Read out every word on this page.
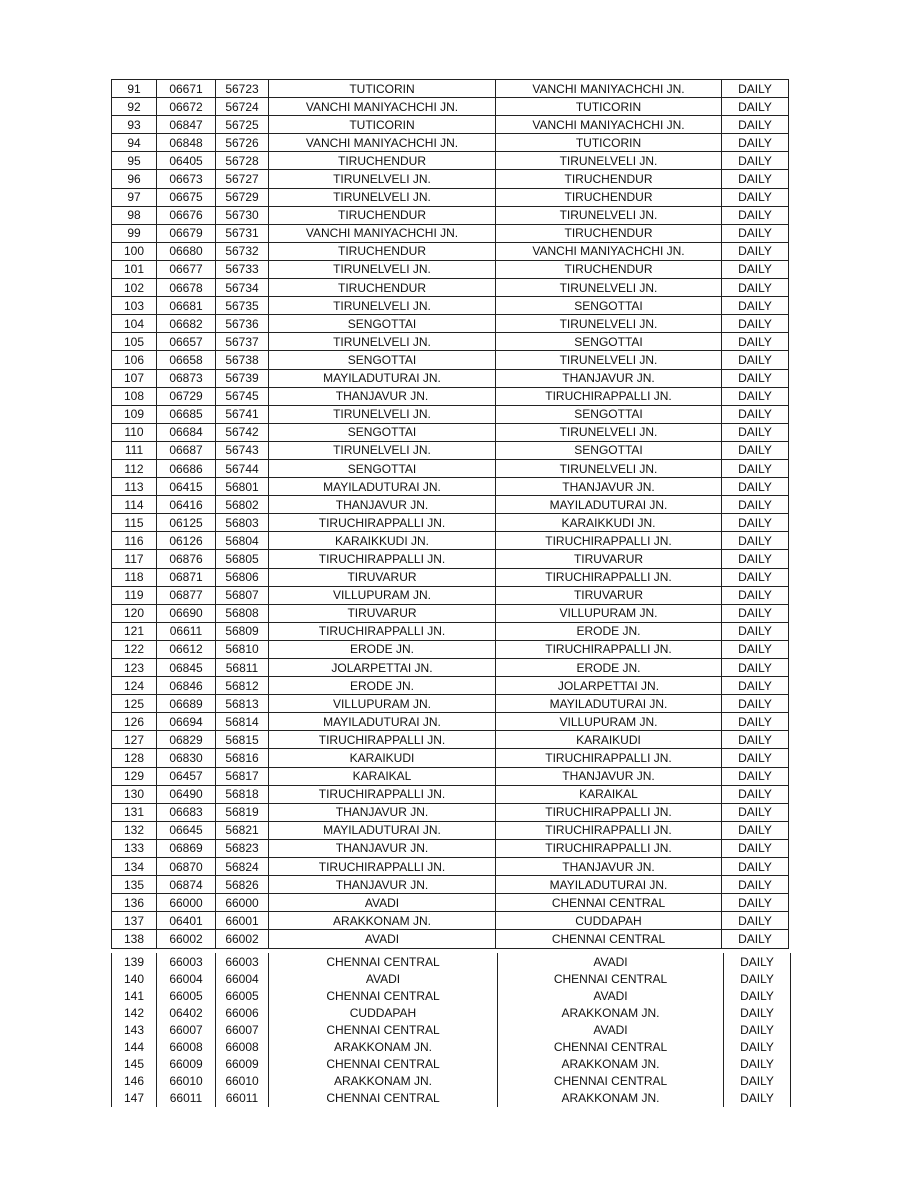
91	06671	56723	TUTICORIN	VANCHI MANIYACHCHI JN.	DAILY
92	06672	56724	VANCHI MANIYACHCHI JN.	TUTICORIN	DAILY
93	06847	56725	TUTICORIN	VANCHI MANIYACHCHI JN.	DAILY
94	06848	56726	VANCHI MANIYACHCHI JN.	TUTICORIN	DAILY
95	06405	56728	TIRUCHENDUR	TIRUNELVELI JN.	DAILY
96	06673	56727	TIRUNELVELI JN.	TIRUCHENDUR	DAILY
97	06675	56729	TIRUNELVELI JN.	TIRUCHENDUR	DAILY
98	06676	56730	TIRUCHENDUR	TIRUNELVELI JN.	DAILY
99	06679	56731	VANCHI MANIYACHCHI JN.	TIRUCHENDUR	DAILY
100	06680	56732	TIRUCHENDUR	VANCHI MANIYACHCHI JN.	DAILY
101	06677	56733	TIRUNELVELI JN.	TIRUCHENDUR	DAILY
102	06678	56734	TIRUCHENDUR	TIRUNELVELI JN.	DAILY
103	06681	56735	TIRUNELVELI JN.	SENGOTTAI	DAILY
104	06682	56736	SENGOTTAI	TIRUNELVELI JN.	DAILY
105	06657	56737	TIRUNELVELI JN.	SENGOTTAI	DAILY
106	06658	56738	SENGOTTAI	TIRUNELVELI JN.	DAILY
107	06873	56739	MAYILADUTURAI JN.	THANJAVUR JN.	DAILY
108	06729	56745	THANJAVUR JN.	TIRUCHIRAPPALLI JN.	DAILY
109	06685	56741	TIRUNELVELI JN.	SENGOTTAI	DAILY
110	06684	56742	SENGOTTAI	TIRUNELVELI JN.	DAILY
111	06687	56743	TIRUNELVELI JN.	SENGOTTAI	DAILY
112	06686	56744	SENGOTTAI	TIRUNELVELI JN.	DAILY
113	06415	56801	MAYILADUTURAI JN.	THANJAVUR JN.	DAILY
114	06416	56802	THANJAVUR JN.	MAYILADUTURAI JN.	DAILY
115	06125	56803	TIRUCHIRAPPALLI JN.	KARAIKKUDI JN.	DAILY
116	06126	56804	KARAIKKUDI JN.	TIRUCHIRAPPALLI JN.	DAILY
117	06876	56805	TIRUCHIRAPPALLI JN.	TIRUVARUR	DAILY
118	06871	56806	TIRUVARUR	TIRUCHIRAPPALLI JN.	DAILY
119	06877	56807	VILLUPURAM JN.	TIRUVARUR	DAILY
120	06690	56808	TIRUVARUR	VILLUPURAM JN.	DAILY
121	06611	56809	TIRUCHIRAPPALLI JN.	ERODE JN.	DAILY
122	06612	56810	ERODE JN.	TIRUCHIRAPPALLI JN.	DAILY
123	06845	56811	JOLARPETTAI JN.	ERODE JN.	DAILY
124	06846	56812	ERODE JN.	JOLARPETTAI JN.	DAILY
125	06689	56813	VILLUPURAM JN.	MAYILADUTURAI JN.	DAILY
126	06694	56814	MAYILADUTURAI JN.	VILLUPURAM JN.	DAILY
127	06829	56815	TIRUCHIRAPPALLI JN.	KARAIKUDI	DAILY
128	06830	56816	KARAIKUDI	TIRUCHIRAPPALLI JN.	DAILY
129	06457	56817	KARAIKAL	THANJAVUR JN.	DAILY
130	06490	56818	TIRUCHIRAPPALLI JN.	KARAIKAL	DAILY
131	06683	56819	THANJAVUR JN.	TIRUCHIRAPPALLI JN.	DAILY
132	06645	56821	MAYILADUTURAI JN.	TIRUCHIRAPPALLI JN.	DAILY
133	06869	56823	THANJAVUR JN.	TIRUCHIRAPPALLI JN.	DAILY
134	06870	56824	TIRUCHIRAPPALLI JN.	THANJAVUR JN.	DAILY
135	06874	56826	THANJAVUR JN.	MAYILADUTURAI JN.	DAILY
136	66000	66000	AVADI	CHENNAI CENTRAL	DAILY
137	06401	66001	ARAKKONAM JN.	CUDDAPAH	DAILY
138	66002	66002	AVADI	CHENNAI CENTRAL	DAILY
139	66003	66003	CHENNAI CENTRAL	AVADI	DAILY
140	66004	66004	AVADI	CHENNAI CENTRAL	DAILY
141	66005	66005	CHENNAI CENTRAL	AVADI	DAILY
142	06402	66006	CUDDAPAH	ARAKKONAM JN.	DAILY
143	66007	66007	CHENNAI CENTRAL	AVADI	DAILY
144	66008	66008	ARAKKONAM JN.	CHENNAI CENTRAL	DAILY
145	66009	66009	CHENNAI CENTRAL	ARAKKONAM JN.	DAILY
146	66010	66010	ARAKKONAM JN.	CHENNAI CENTRAL	DAILY
147	66011	66011	CHENNAI CENTRAL	ARAKKONAM JN.	DAILY
